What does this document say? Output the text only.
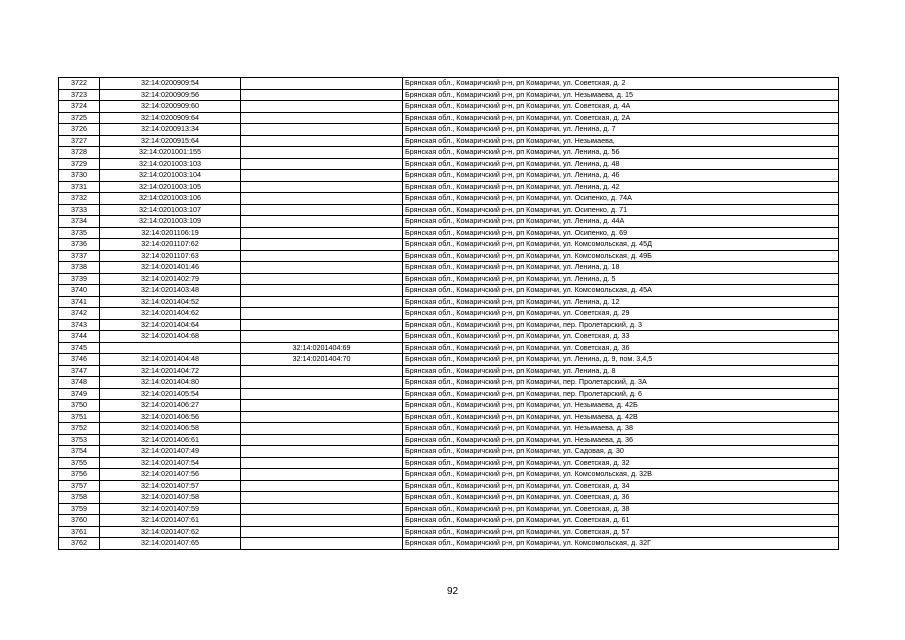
3722	32:14:0200909:54		Брянская обл., Комаричский р-н, рп Комаричи, ул. Советская, д. 2
3723	32:14:0200909:56		Брянская обл., Комаричский р-н, рп Комаричи, ул. Незымаева, д. 15
3724	32:14:0200909:60		Брянская обл., Комаричский р-н, рп Комаричи, ул. Советская, д. 4А
3725	32:14:0200909:64		Брянская обл., Комаричский р-н, рп Комаричи, ул. Советская, д. 2А
3726	32:14:0200913:34		Брянская обл., Комаричский р-н, рп Комаричи, ул. Ленина, д. 7
3727	32:14:0200915:64		Брянская обл., Комаричский р-н, рп Комаричи, ул. Незымаева,
3728	32:14:0201001:155		Брянская обл., Комаричский р-н, рп Комаричи, ул. Ленина, д. 56
3729	32:14:0201003:103		Брянская обл., Комаричский р-н, рп Комаричи, ул. Ленина, д. 48
3730	32:14:0201003:104		Брянская обл., Комаричский р-н, рп Комаричи, ул. Ленина, д. 46
3731	32:14:0201003:105		Брянская обл., Комаричский р-н, рп Комаричи, ул. Ленина, д. 42
3732	32:14:0201003:106		Брянская обл., Комаричский р-н, рп Комаричи, ул. Осипенко, д. 74А
3733	32:14:0201003:107		Брянская обл., Комаричский р-н, рп Комаричи, ул. Осипенко, д. 71
3734	32:14:0201003:109		Брянская обл., Комаричский р-н, рп Комаричи, ул. Ленина, д. 44А
3735	32:14:0201106:19		Брянская обл., Комаричский р-н, рп Комаричи, ул. Осипенко, д. 69
3736	32:14:0201107:62		Брянская обл., Комаричский р-н, рп Комаричи, ул. Комсомольская, д. 45Д
3737	32:14:0201107:63		Брянская обл., Комаричский р-н, рп Комаричи, ул. Комсомольская, д. 49Б
3738	32:14:0201401:46		Брянская обл., Комаричский р-н, рп Комаричи, ул. Ленина, д. 18
3739	32:14:0201402:79		Брянская обл., Комаричский р-н, рп Комаричи, ул. Ленина, д. 5
3740	32:14:0201403:48		Брянская обл., Комаричский р-н, рп Комаричи, ул. Комсомольская, д. 45А
3741	32:14:0201404:52		Брянская обл., Комаричский р-н, рп Комаричи, ул. Ленина, д. 12
3742	32:14:0201404:62		Брянская обл., Комаричский р-н, рп Комаричи, ул. Советская, д. 29
3743	32:14:0201404:64		Брянская обл., Комаричский р-н, рп Комаричи, пер. Пролетарский, д. 3
3744	32:14:0201404:68		Брянская обл., Комаричский р-н, рп Комаричи, ул. Советская, д. 33
3745		32:14:0201404:69	Брянская обл., Комаричский р-н, рп Комаричи, ул. Советская, д. 36
3746	32:14:0201404:48	32:14:0201404:70	Брянская обл., Комаричский р-н, рп Комаричи, ул. Ленина, д. 9, пом. 3,4,5
3747	32:14:0201404:72		Брянская обл., Комаричский р-н, рп Комаричи, ул. Ленина, д. 8
3748	32:14:0201404:80		Брянская обл., Комаричский р-н, рп Комаричи, пер. Пролетарский, д. 3А
3749	32:14:0201405:54		Брянская обл., Комаричский р-н, рп Комаричи, пер. Пролетарский, д. 6
3750	32:14:0201406:27		Брянская обл., Комаричский р-н, рп Комаричи, ул. Незымаева, д. 42Б
3751	32:14:0201406:56		Брянская обл., Комаричский р-н, рп Комаричи, ул. Незымаева, д. 42В
3752	32:14:0201406:58		Брянская обл., Комаричский р-н, рп Комаричи, ул. Незымаева, д. 38
3753	32:14:0201406:61		Брянская обл., Комаричский р-н, рп Комаричи, ул. Незымаева, д. 36
3754	32:14:0201407:49		Брянская обл., Комаричский р-н, рп Комаричи, ул. Садовая, д. 30
3755	32:14:0201407:54		Брянская обл., Комаричский р-н, рп Комаричи, ул. Советская, д. 32
3756	32:14:0201407:56		Брянская обл., Комаричский р-н, рп Комаричи, ул. Комсомольская, д. 32В
3757	32:14:0201407:57		Брянская обл., Комаричский р-н, рп Комаричи, ул. Советская, д. 34
3758	32:14:0201407:58		Брянская обл., Комаричский р-н, рп Комаричи, ул. Советская, д. 36
3759	32:14:0201407:59		Брянская обл., Комаричский р-н, рп Комаричи, ул. Советская, д. 38
3760	32:14:0201407:61		Брянская обл., Комаричский р-н, рп Комаричи, ул. Советская, д. 61
3761	32:14:0201407:62		Брянская обл., Комаричский р-н, рп Комаричи, ул. Советская, д. 57
3762	32:14:0201407:65		Брянская обл., Комаричский р-н, рп Комаричи, ул. Комсомольская, д. 32Г
92
